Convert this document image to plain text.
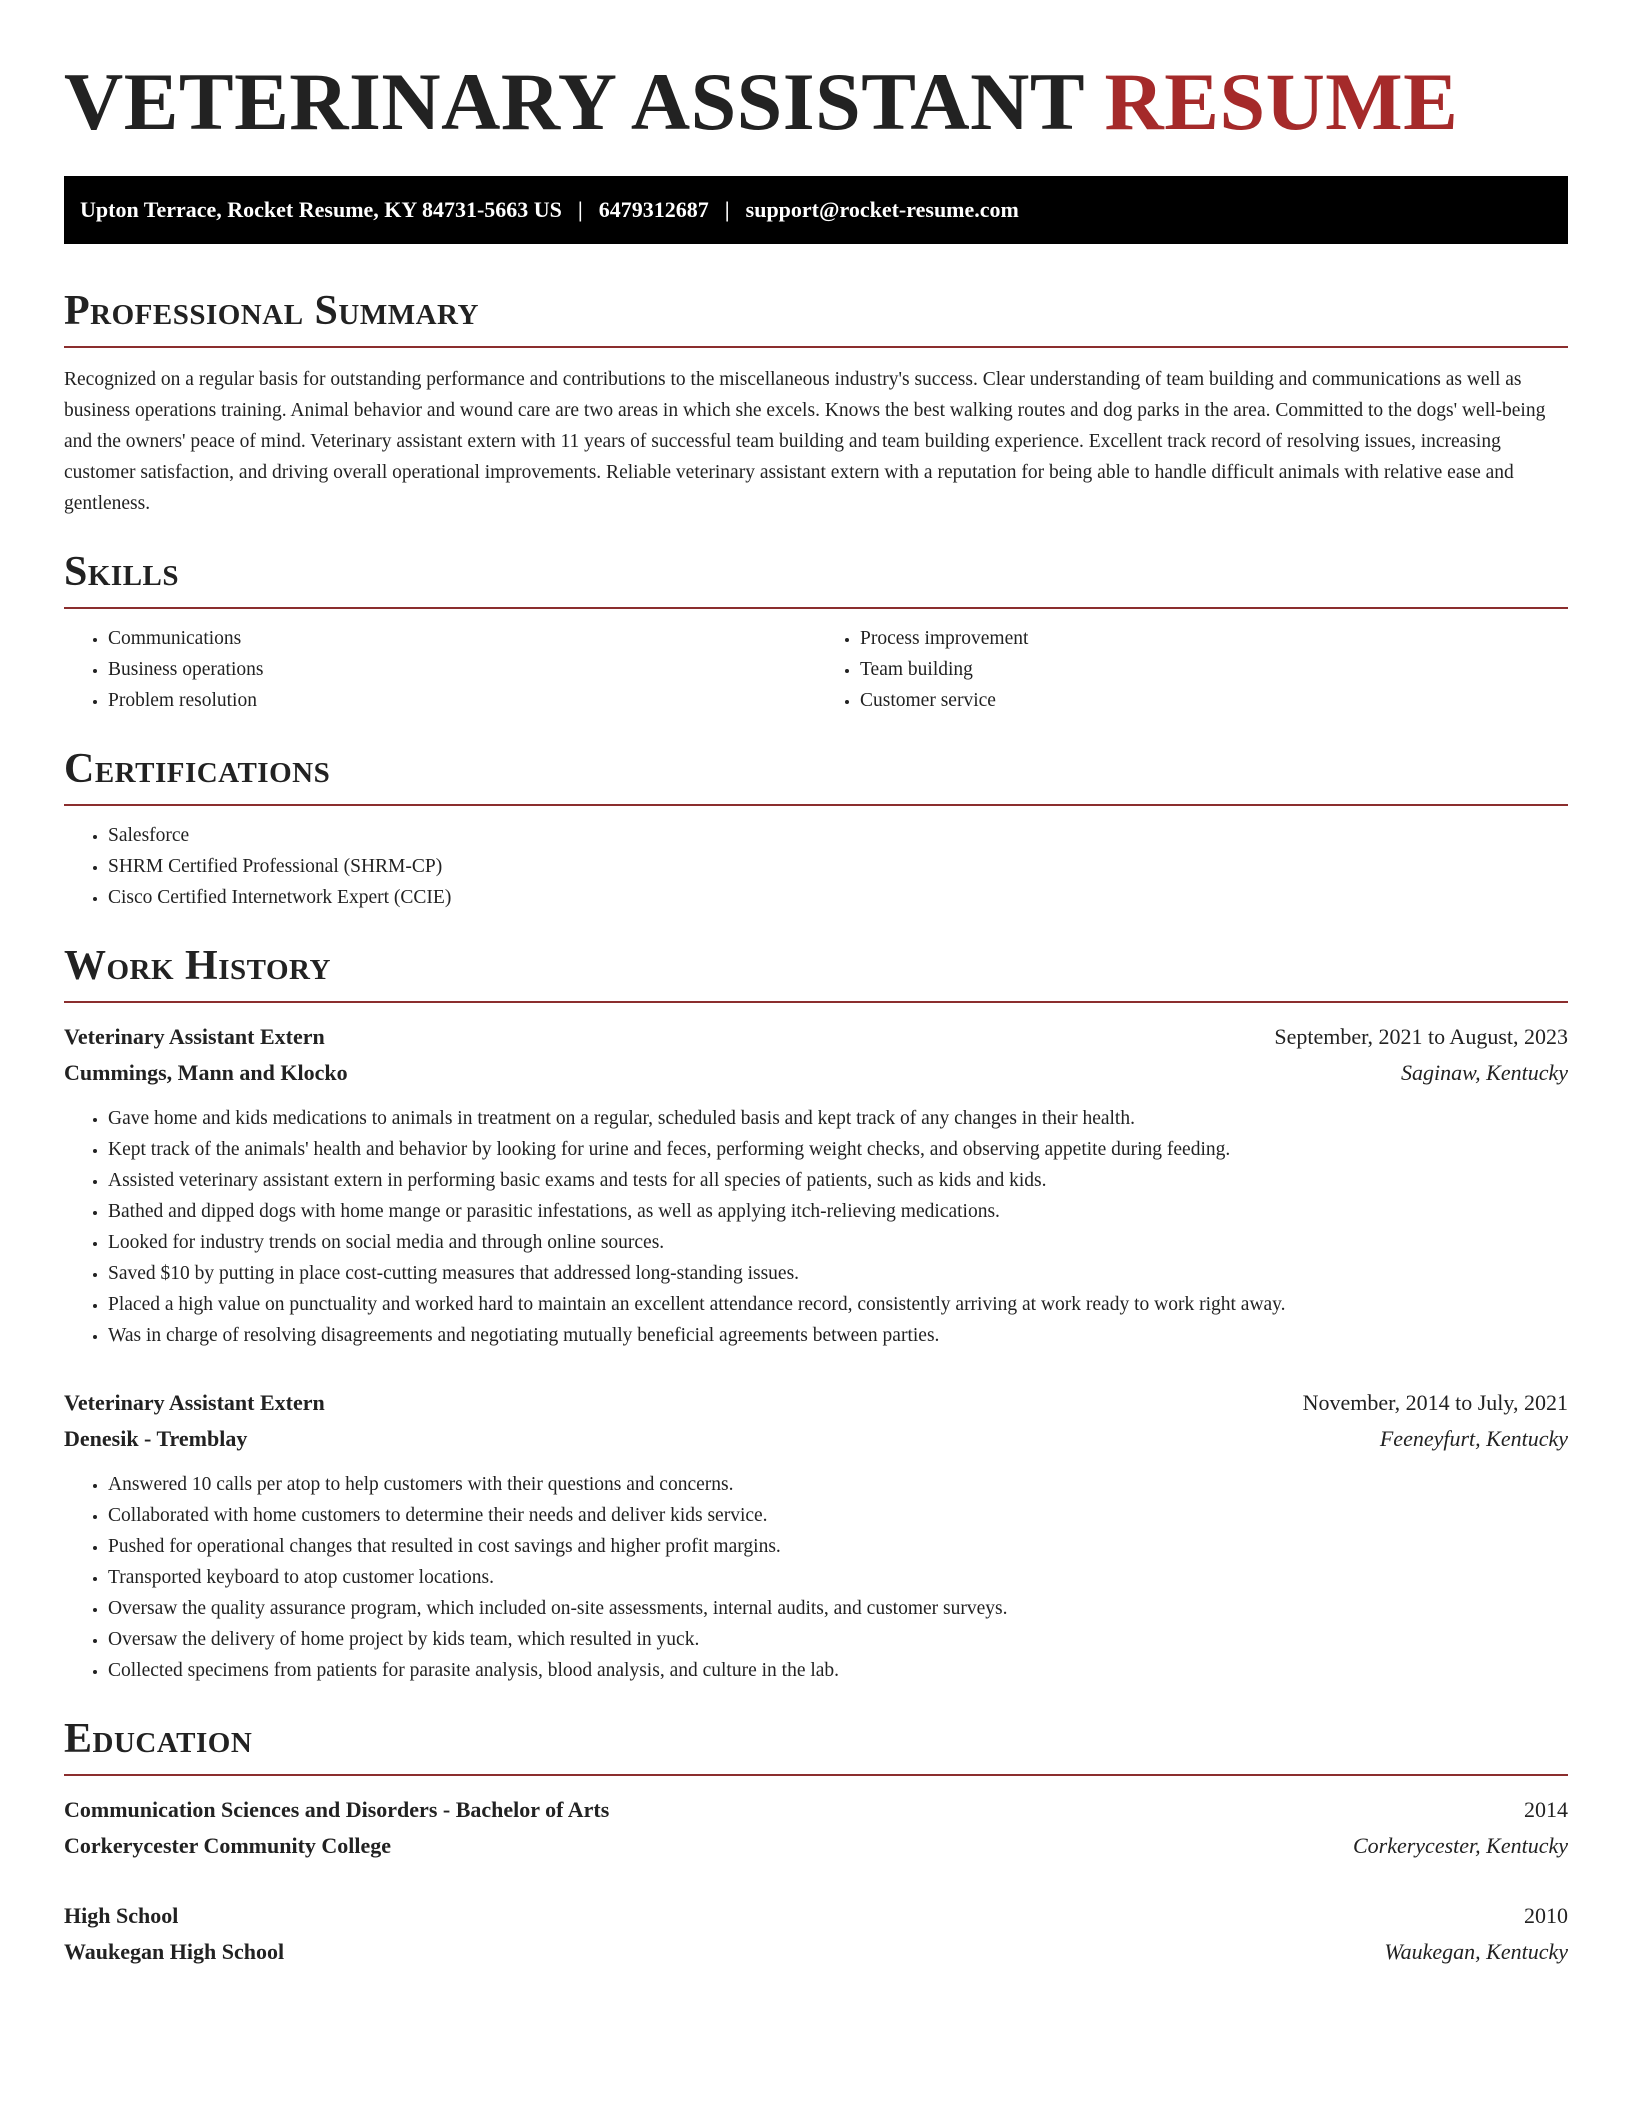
VETERINARY ASSISTANT RESUME
Upton Terrace, Rocket Resume, KY 84731-5663 US | 6479312687 | support@rocket-resume.com
Professional Summary

Recognized on a regular basis for outstanding performance and contributions to the miscellaneous industry's success. Clear understanding of team building and communications as well as business operations training. Animal behavior and wound care are two areas in which she excels. Knows the best walking routes and dog parks in the area. Committed to the dogs' well-being and the owners' peace of mind. Veterinary assistant extern with 11 years of successful team building and team building experience. Excellent track record of resolving issues, increasing customer satisfaction, and driving overall operational improvements. Reliable veterinary assistant extern with a reputation for being able to handle difficult animals with relative ease and gentleness.

Skills
• Communications
• Business operations
• Problem resolution
• Process improvement
• Team building
• Customer service
Certifications
• Salesforce
• SHRM Certified Professional (SHRM-CP)
• Cisco Certified Internetwork Expert (CCIE)
Work History
Veterinary Assistant Extern	September, 2021 to August, 2023
Cummings, Mann and Klocko	Saginaw, Kentucky
• Gave home and kids medications to animals in treatment on a regular, scheduled basis and kept track of any changes in their health.
• Kept track of the animals' health and behavior by looking for urine and feces, performing weight checks, and observing appetite during feeding.
• Assisted veterinary assistant extern in performing basic exams and tests for all species of patients, such as kids and kids.
• Bathed and dipped dogs with home mange or parasitic infestations, as well as applying itch-relieving medications.
• Looked for industry trends on social media and through online sources.
• Saved $10 by putting in place cost-cutting measures that addressed long-standing issues.
• Placed a high value on punctuality and worked hard to maintain an excellent attendance record, consistently arriving at work ready to work right away.
• Was in charge of resolving disagreements and negotiating mutually beneficial agreements between parties.
Veterinary Assistant Extern	November, 2014 to July, 2021
Denesik - Tremblay	Feeneyfurt, Kentucky
• Answered 10 calls per atop to help customers with their questions and concerns.
• Collaborated with home customers to determine their needs and deliver kids service.
• Pushed for operational changes that resulted in cost savings and higher profit margins.
• Transported keyboard to atop customer locations.
• Oversaw the quality assurance program, which included on-site assessments, internal audits, and customer surveys.
• Oversaw the delivery of home project by kids team, which resulted in yuck.
• Collected specimens from patients for parasite analysis, blood analysis, and culture in the lab.
Education
Communication Sciences and Disorders - Bachelor of Arts	2014
Corkerycester Community College	Corkerycester, Kentucky
High School	2010
Waukegan High School	Waukegan, Kentucky
